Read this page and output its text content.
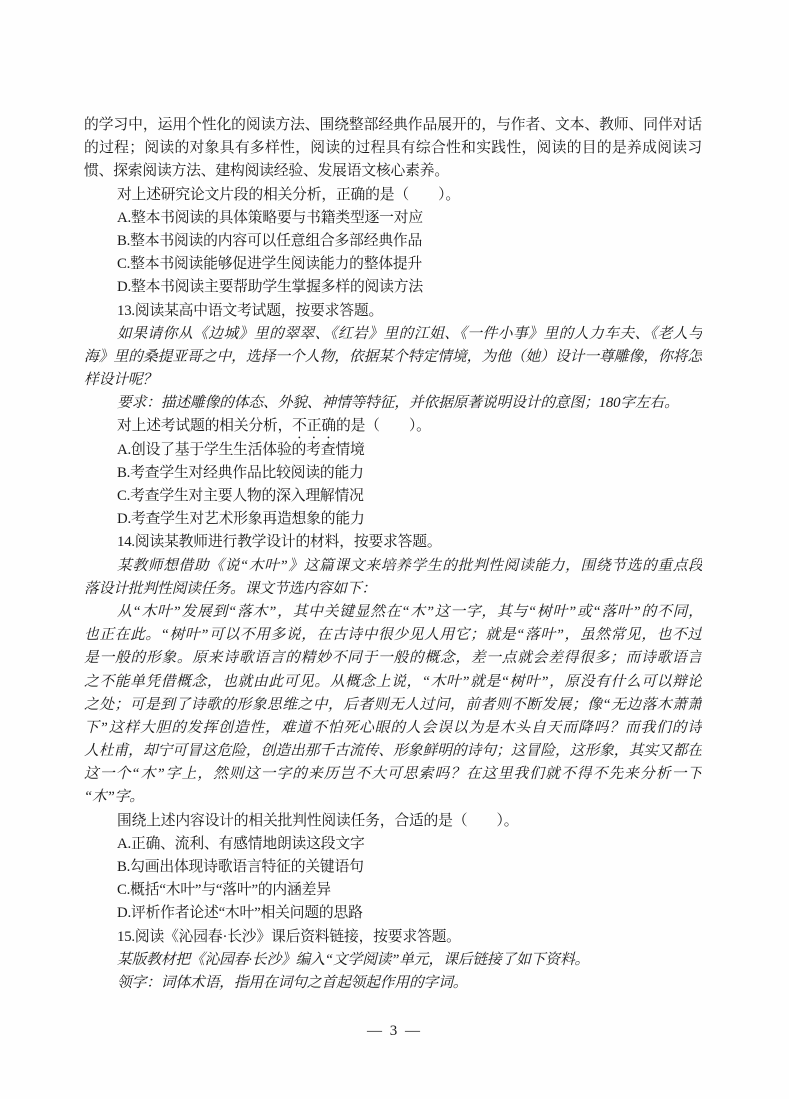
的学习中，运用个性化的阅读方法、围绕整部经典作品展开的，与作者、文本、教师、同伴对话
的过程；阅读的对象具有多样性，阅读的过程具有综合性和实践性，阅读的目的是养成阅读习
惯、探索阅读方法、建构阅读经验、发展语文核心素养。
对上述研究论文片段的相关分析，正确的是（　　）。
A.整本书阅读的具体策略要与书籍类型逐一对应
B.整本书阅读的内容可以任意组合多部经典作品
C.整本书阅读能够促进学生阅读能力的整体提升
D.整本书阅读主要帮助学生掌握多样的阅读方法
13.阅读某高中语文考试题，按要求答题。
如果请你从《边城》里的翠翠、《红岩》里的江姐、《一件小事》里的人力车夫、《老人与
海》里的桑提亚哥之中，选择一个人物，依据某个特定情境，为他（她）设计一尊雕像，你将怎
样设计呢？
要求：描述雕像的体态、外貌、神情等特征，并依据原著说明设计的意图；180字左右。
对上述考试题的相关分析，不正确的是（　　）。
A.创设了基于学生生活体验的考查情境
B.考查学生对经典作品比较阅读的能力
C.考查学生对主要人物的深入理解情况
D.考查学生对艺术形象再造想象的能力
14.阅读某教师进行教学设计的材料，按要求答题。
某教师想借助《说“木叶”》这篇课文来培养学生的批判性阅读能力，围绕节选的重点段
落设计批判性阅读任务。课文节选内容如下：
从“木叶”发展到“落木”，其中关键显然在“木”这一字，其与“树叶”或“落叶”的不同，
也正在此。“树叶”可以不用多说，在古诗中很少见人用它；就是“落叶”，虽然常见，也不过
是一般的形象。原来诗歌语言的精妙不同于一般的概念，差一点就会差得很多；而诗歌语言
之不能单凭借概念，也就由此可见。从概念上说，“木叶”就是“树叶”，原没有什么可以辩论
之处；可是到了诗歌的形象思维之中，后者则无人过问，前者则不断发展；像“无边落木萧萧
下”这样大胆的发挥创造性，难道不怕死心眼的人会误以为是木头自天而降吗？而我们的诗
人杜甫，却宁可冒这危险，创造出那千古流传、形象鲜明的诗句；这冒险，这形象，其实又都在
这一个“木”字上，然则这一字的来历岂不大可思索吗？在这里我们就不得不先来分析一下
“木”字。
围绕上述内容设计的相关批判性阅读任务，合适的是（　　）。
A.正确、流利、有感情地朗读这段文字
B.勾画出体现诗歌语言特征的关键语句
C.概括“木叶”与“落叶”的内涵差异
D.评析作者论述“木叶”相关问题的思路
15.阅读《沁园春·长沙》课后资料链接，按要求答题。
某版教材把《沁园春·长沙》编入“文学阅读”单元，课后链接了如下资料。
领字：词体术语，指用在词句之首起领起作用的字词。
— 3 —
